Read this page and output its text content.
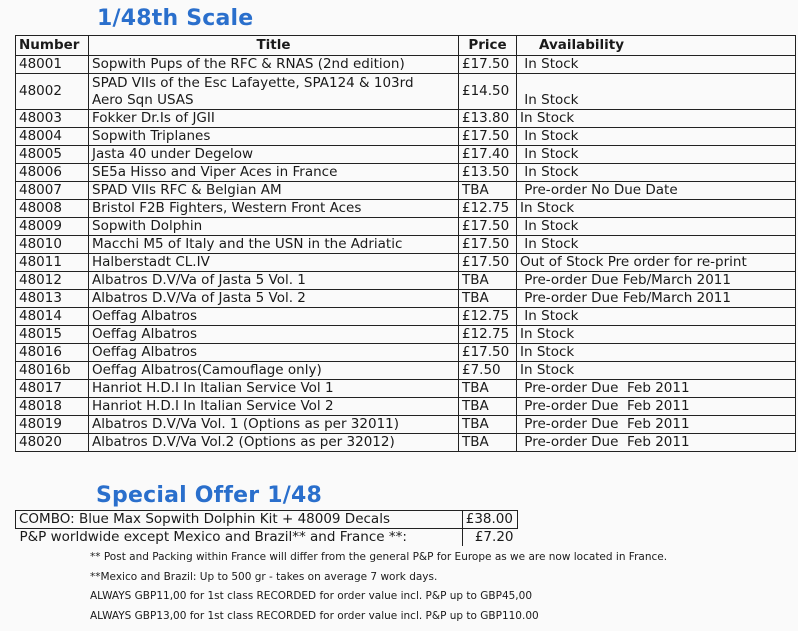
1/48th Scale
Number	Title	Price	Availability
48001	Sopwith Pups of the RFC & RNAS (2nd edition)	£17.50	In Stock
48002	SPAD VIIs of the Esc Lafayette, SPA124 & 103rd
Aero Sqn USAS	£14.50	In Stock
48003	Fokker Dr.Is of JGII	£13.80	In Stock
48004	Sopwith Triplanes	£17.50	In Stock
48005	Jasta 40 under Degelow	£17.40	In Stock
48006	SE5a Hisso and Viper Aces in France	£13.50	In Stock
48007	SPAD VIIs RFC & Belgian AM	TBA	Pre-order No Due Date
48008	Bristol F2B Fighters, Western Front Aces	£12.75	In Stock
48009	Sopwith Dolphin	£17.50	In Stock
48010	Macchi M5 of Italy and the USN in the Adriatic	£17.50	In Stock
48011	Halberstadt CL.IV	£17.50	Out of Stock Pre order for re-print
48012	Albatros D.V/Va of Jasta 5 Vol. 1	TBA	Pre-order Due Feb/March 2011
48013	Albatros D.V/Va of Jasta 5 Vol. 2	TBA	Pre-order Due Feb/March 2011
48014	Oeffag Albatros	£12.75	In Stock
48015	Oeffag Albatros	£12.75	In Stock
48016	Oeffag Albatros	£17.50	In Stock
48016b	Oeffag Albatros(Camouflage only)	£7.50	In Stock
48017	Hanriot H.D.I In Italian Service Vol 1	TBA	Pre-order Due  Feb 2011
48018	Hanriot H.D.I In Italian Service Vol 2	TBA	Pre-order Due  Feb 2011
48019	Albatros D.V/Va Vol. 1 (Options as per 32011)	TBA	Pre-order Due  Feb 2011
48020	Albatros D.V/Va Vol.2 (Options as per 32012)	TBA	Pre-order Due  Feb 2011
Special Offer 1/48
COMBO: Blue Max Sopwith Dolphin Kit + 48009 Decals	£38.00
P&P worldwide except Mexico and Brazil** and France **:	£7.20
** Post and Packing within France will differ from the general P&P for Europe as we are now located in France.
**Mexico and Brazil: Up to 500 gr - takes on average 7 work days.
ALWAYS GBP11,00 for 1st class RECORDED for order value incl. P&P up to GBP45,00
ALWAYS GBP13,00 for 1st class RECORDED for order value incl. P&P up to GBP110.00
